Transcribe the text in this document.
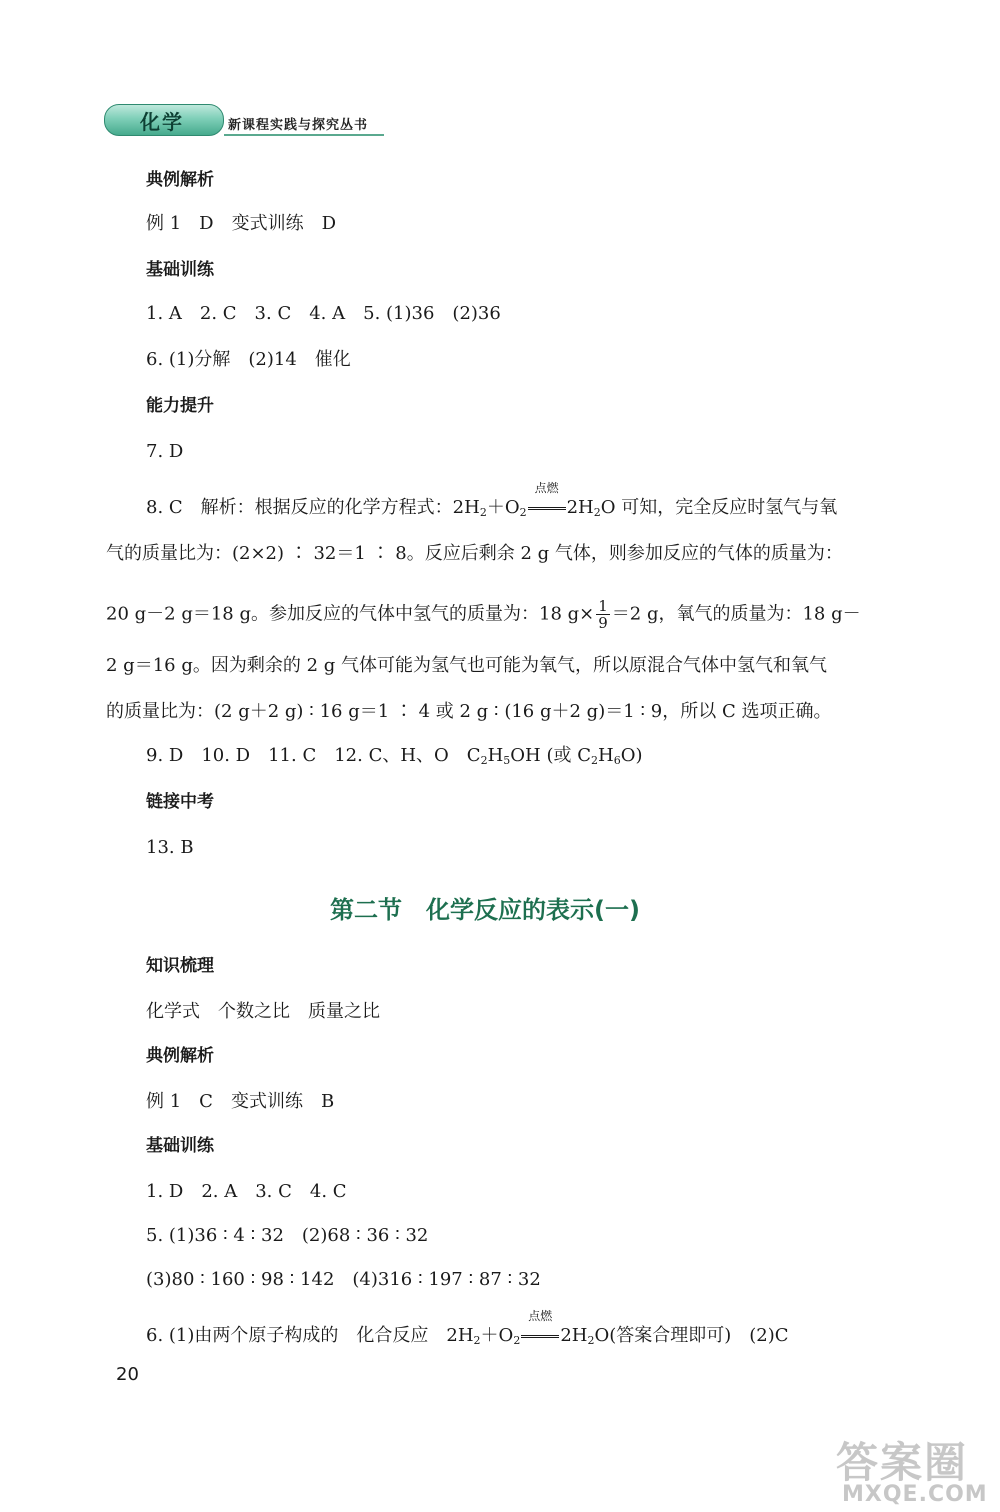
化学	新课程实践与探究丛书
典例解析
例 1　D　变式训练　D
基础训练
1. A　2. C　3. C　4. A　5. (1)36　(2)36
6. (1)分解　(2)14　催化
能力提升
7. D
8. C　解析：根据反应的化学方程式：$2H_2+O_2$
点燃
$2H_2O$ 可知，完全反应时氢气与氧
气的质量比为：(2×2) ∶ 32＝1 ∶ 8。反应后剩余 2 g 气体，则参加反应的气体的质量为：
20 g－2 g＝18 g。参加反应的气体中氢气的质量为：18 $g\times \frac{1}{9} =2$ g，氧气的质量为：18 g－
2 g＝16 g。因为剩余的 2 g 气体可能为氢气也可能为氧气，所以原混合气体中氢气和氧气
的质量比为：(2 g＋2 g) ∶ 16 g＝1 ∶ 4 或 2 g ∶ (16 g＋2 g)＝1 ∶ 9，所以 C 选项正确。
9. D　10. D　11. C　12. C、H、O　$C_2H_5OH$ (或 $C_2H_6O$)
链接中考
13. B
第二节　化学反应的表示(一)
知识梳理
化学式　个数之比　质量之比
典例解析
例 1　C　变式训练　B
基础训练
1. D　2. A　3. C　4. C
5. (1)36 ∶ 4 ∶ 32　(2)68 ∶ 36 ∶ 32
(3)80 ∶ 160 ∶ 98 ∶ 142　(4)316 ∶ 197 ∶ 87 ∶ 32
6. (1)由两个原子构成的　化合反应　$2H_2+O_2$
点燃
$2H_2O$(答案合理即可)　(2)C
20
答案圈
MXQE.COM
